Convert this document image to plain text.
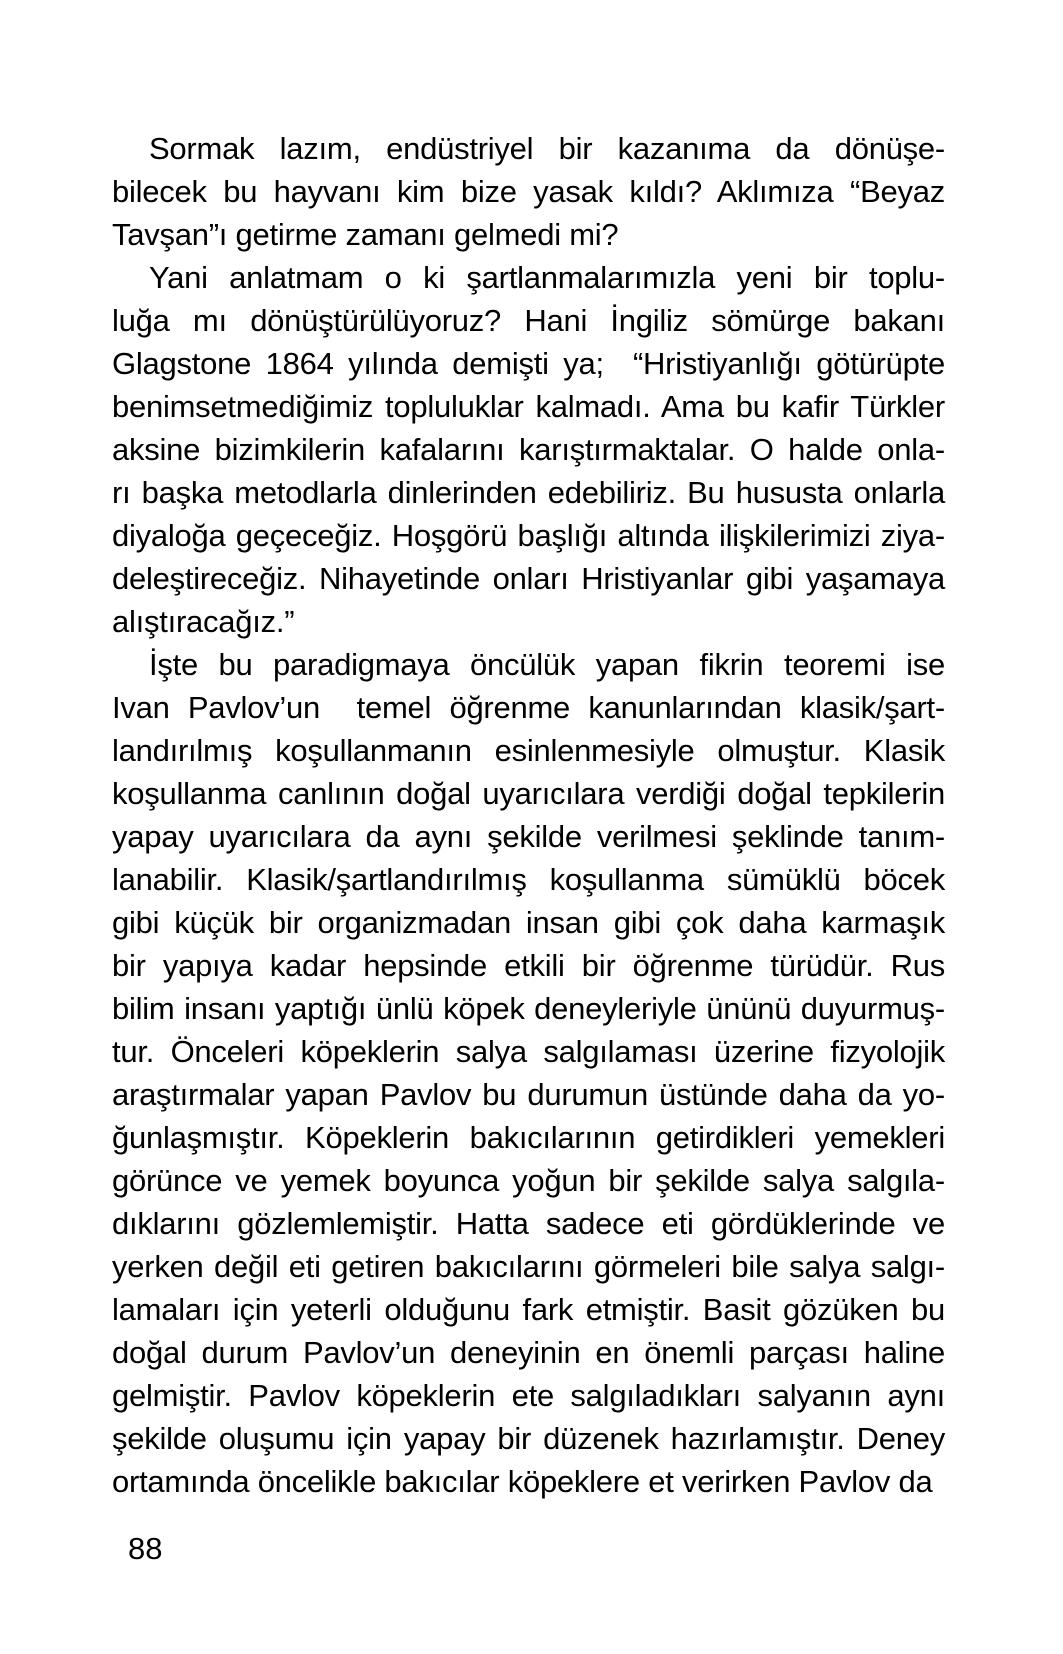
Sormak lazım, endüstriyel bir kazanıma da dönüşe-
bilecek bu hayvanı kim bize yasak kıldı? Aklımıza “Beyaz
Tavşan”ı getirme zamanı gelmedi mi?
Yani anlatmam o ki şartlanmalarımızla yeni bir toplu-
luğa mı dönüştürülüyoruz? Hani İngiliz sömürge bakanı
Glagstone 1864 yılında demişti ya;  “Hristiyanlığı götürüpte
benimsetmediğimiz topluluklar kalmadı. Ama bu kafir Türkler
aksine bizimkilerin kafalarını karıştırmaktalar. O halde onla-
rı başka metodlarla dinlerinden edebiliriz. Bu hususta onlarla
diyaloğa geçeceğiz. Hoşgörü başlığı altında ilişkilerimizi ziya-
deleştireceğiz. Nihayetinde onları Hristiyanlar gibi yaşamaya
alıştıracağız.”
İşte bu paradigmaya öncülük yapan fikrin teoremi ise
Ivan Pavlov’un  temel öğrenme kanunlarından klasik/şart-
landırılmış koşullanmanın esinlenmesiyle olmuştur. Klasik
koşullanma canlının doğal uyarıcılara verdiği doğal tepkilerin
yapay uyarıcılara da aynı şekilde verilmesi şeklinde tanım-
lanabilir. Klasik/şartlandırılmış koşullanma sümüklü böcek
gibi küçük bir organizmadan insan gibi çok daha karmaşık
bir yapıya kadar hepsinde etkili bir öğrenme türüdür. Rus
bilim insanı yaptığı ünlü köpek deneyleriyle ününü duyurmuş-
tur. Önceleri köpeklerin salya salgılaması üzerine fizyolojik
araştırmalar yapan Pavlov bu durumun üstünde daha da yo-
ğunlaşmıştır. Köpeklerin bakıcılarının getirdikleri yemekleri
görünce ve yemek boyunca yoğun bir şekilde salya salgıla-
dıklarını gözlemlemiştir. Hatta sadece eti gördüklerinde ve
yerken değil eti getiren bakıcılarını görmeleri bile salya salgı-
lamaları için yeterli olduğunu fark etmiştir. Basit gözüken bu
doğal durum Pavlov’un deneyinin en önemli parçası haline
gelmiştir. Pavlov köpeklerin ete salgıladıkları salyanın aynı
şekilde oluşumu için yapay bir düzenek hazırlamıştır. Deney
ortamında öncelikle bakıcılar köpeklere et verirken Pavlov da
88
